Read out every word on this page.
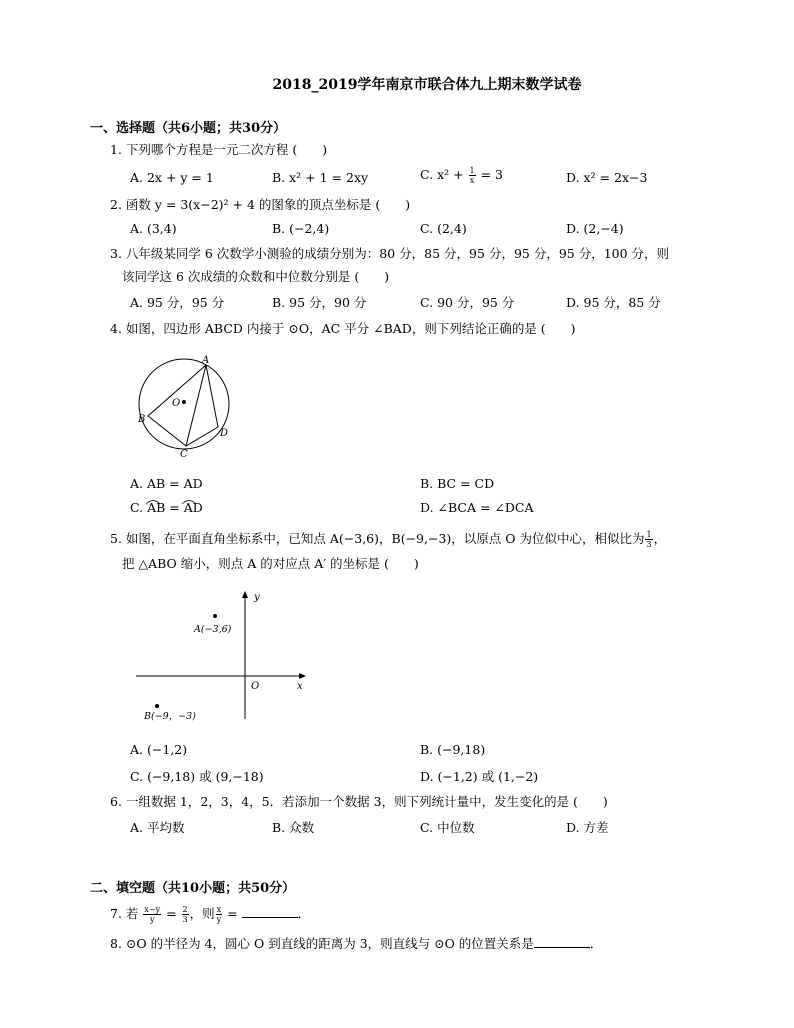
2018_2019学年南京市联合体九上期末数学试卷
一、选择题（共6小题；共30分）
1. 下列哪个方程是一元二次方程 (　　)
A. 2x + y = 1	B. x² + 1 = 2xy	C. $x^2 + \frac{1}{x} = 3$	D. x² = 2x−3
2. 函数 y = 3(x−2)² + 4 的图象的顶点坐标是 (　　)
A. (3,4)	B. (−2,4)	C. (2,4)	D. (2,−4)
3. 八年级某同学 6 次数学小测验的成绩分别为：80 分，85 分，95 分，95 分，95 分，100 分，则
该同学这 6 次成绩的众数和中位数分别是 (　　)
A. 95 分，95 分	B. 95 分，90 分	C. 90 分，95 分	D. 95 分，85 分
4. 如图，四边形 ABCD 内接于 ⊙O，AC 平分 ∠BAD，则下列结论正确的是 (　　)
A
B
C
D
O
A. AB = AD	B. BC = CD
C. AB = AD	D. ∠BCA = ∠DCA
5. 如图，在平面直角坐标系中，已知点 A(−3,6)，B(−9,−3)，以原点 O 为位似中心，相似比为 $\frac{1}{3}$ ，
把 △ABO 缩小，则点 A 的对应点 A′ 的坐标是 (　　)
A(−3,6)
B(−9，−3)
O	x
y
A. (−1,2)	B. (−9,18)
C. (−9,18) 或 (9,−18)	D. (−1,2) 或 (1,−2)
6. 一组数据 1，2，3，4，5．若添加一个数据 3，则下列统计量中，发生变化的是 (　　)
A. 平均数	B. 众数	C. 中位数	D. 方差
二、填空题（共10小题；共50分）
7. 若 $\frac{x-y}{y} = \frac{2}{3}$ ，则 $\frac{x}{y}$ =	．
8. ⊙O 的半径为 4，圆心 O 到直线的距离为 3，则直线与 ⊙O 的位置关系是	．
